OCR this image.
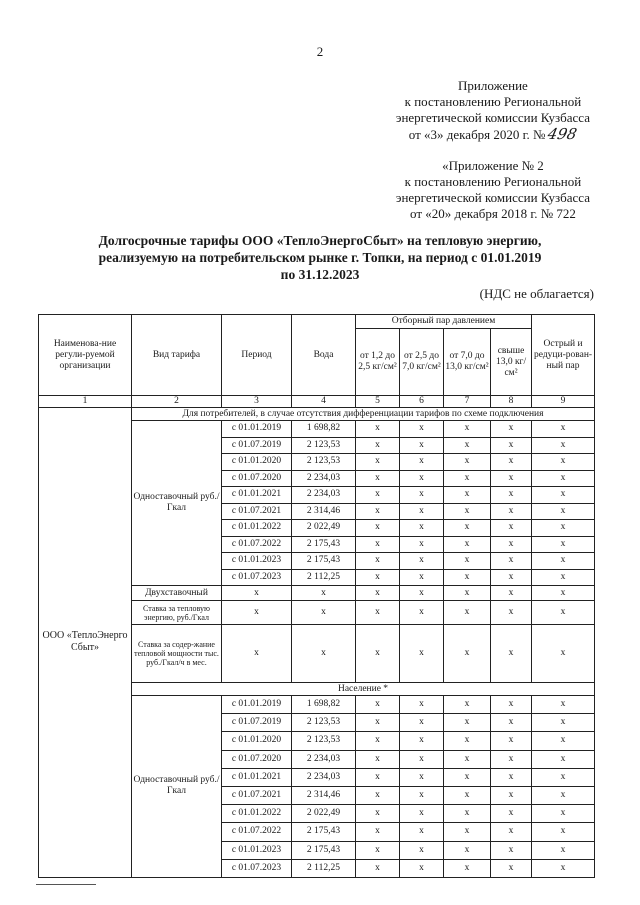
2
Приложение
к постановлению Региональной
энергетической комиссии Кузбасса
от «3» декабря 2020 г. №498
«Приложение № 2
к постановлению Региональной
энергетической комиссии Кузбасса
от «20» декабря 2018 г. № 722
Долгосрочные тарифы ООО «ТеплоЭнергоСбыт» на тепловую энергию,
реализуемую на потребительском рынке г. Топки, на период с 01.01.2019
по 31.12.2023
(НДС не облагается)
Наименова-ние регули-руемой организации	Вид тарифа	Период	Вода	Отборный пар давлением				Острый и редуци-рован-ный пар
				от 1,2 до 2,5 кг/см²	от 2,5 до 7,0 кг/см²	от 7,0 до 13,0 кг/см²	свыше 13,0 кг/см²	
1	2	3	4	5	6	7	8	9
ООО «ТеплоЭнерго Сбыт»	Для потребителей, в случае отсутствия дифференциации тарифов по схеме подключения							
	Одноставочный руб./Гкал	с 01.01.2019	1 698,82	x	x	x	x	x
		с 01.07.2019	2 123,53	x	x	x	x	x
		с 01.01.2020	2 123,53	x	x	x	x	x
		с 01.07.2020	2 234,03	x	x	x	x	x
		с 01.01.2021	2 234,03	x	x	x	x	x
		с 01.07.2021	2 314,46	x	x	x	x	x
		с 01.01.2022	2 022,49	x	x	x	x	x
		с 01.07.2022	2 175,43	x	x	x	x	x
		с 01.01.2023	2 175,43	x	x	x	x	x
		с 01.07.2023	2 112,25	x	x	x	x	x
	Двухставочный	x	x	x	x	x	x	x
	Ставка за тепловую энергию, руб./Гкал	x	x	x	x	x	x	x
	Ставка за содер-жание тепловой мощности тыс. руб./Гкал/ч в мес.	x	x	x	x	x	x	x
	Население *							
	Одноставочный руб./Гкал	с 01.01.2019	1 698,82	x	x	x	x	x
		с 01.07.2019	2 123,53	x	x	x	x	x
		с 01.01.2020	2 123,53	x	x	x	x	x
		с 01.07.2020	2 234,03	x	x	x	x	x
		с 01.01.2021	2 234,03	x	x	x	x	x
		с 01.07.2021	2 314,46	x	x	x	x	x
		с 01.01.2022	2 022,49	x	x	x	x	x
		с 01.07.2022	2 175,43	x	x	x	x	x
		с 01.01.2023	2 175,43	x	x	x	x	x
		с 01.07.2023	2 112,25	x	x	x	x	x
